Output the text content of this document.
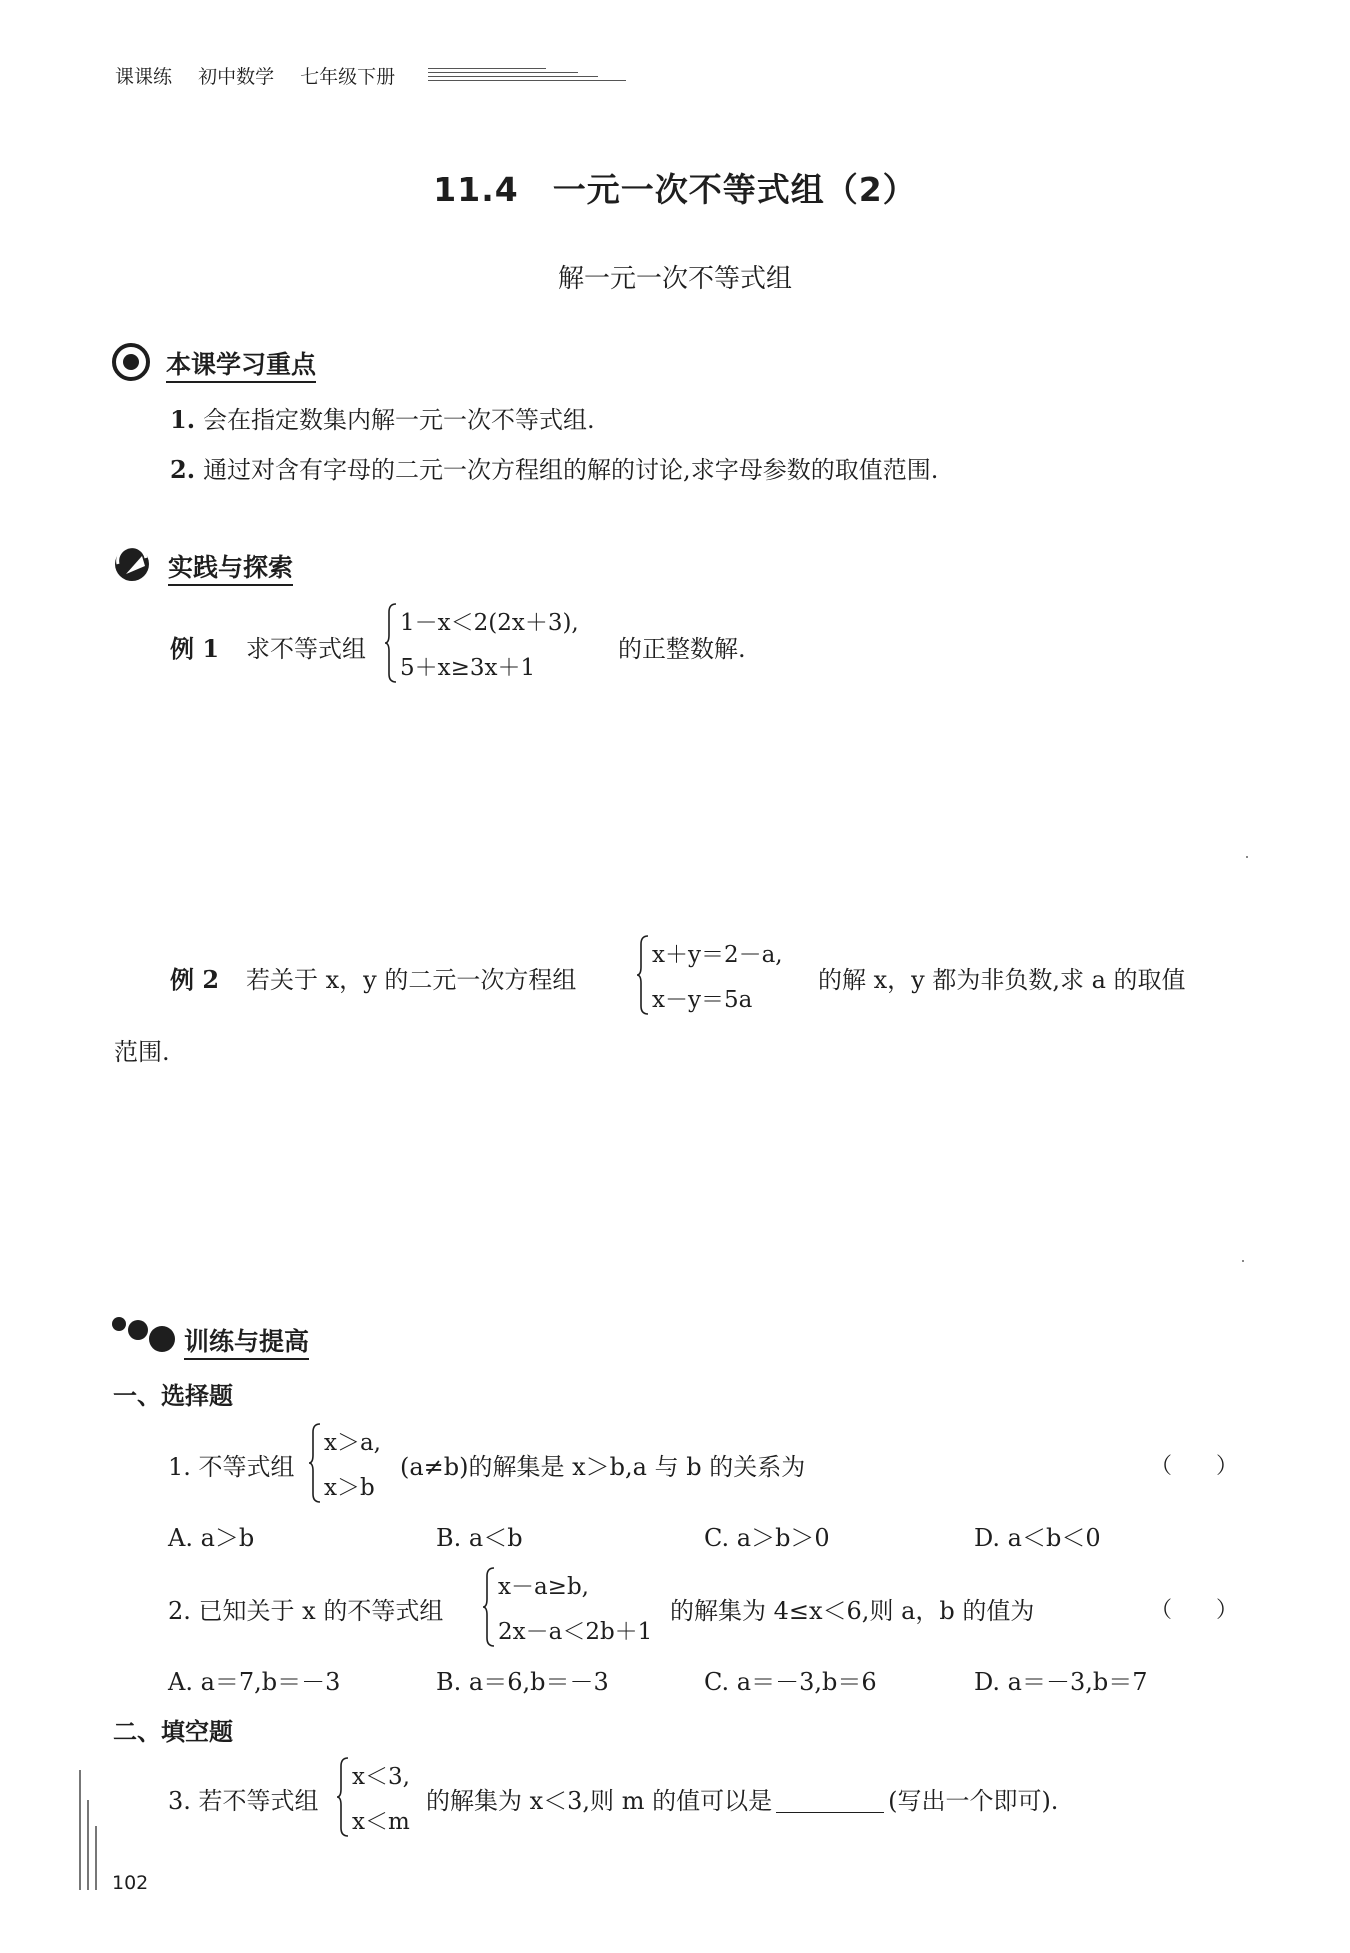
课课练 初中数学 七年级下册
11.4　一元一次不等式组（2）
解一元一次不等式组
本课学习重点
1. 会在指定数集内解一元一次不等式组.
2. 通过对含有字母的二元一次方程组的解的讨论,求字母参数的取值范围.
实践与探索
例 1	求不等式组
1－x＜2(2x＋3),
5＋x≥3x＋1
的正整数解.
例 2	若关于 x，y 的二元一次方程组
x＋y＝2－a,
x－y＝5a
的解 x，y 都为非负数,求 a 的取值
范围.
训练与提高
一、选择题
1. 不等式组
x＞a,
x＞b
(a≠b)的解集是 x＞b,a 与 b 的关系为	（　　）
A. a＞b	B. a＜b	C. a＞b＞0	D. a＜b＜0
2. 已知关于 x 的不等式组
x－a≥b,
2x－a＜2b＋1
的解集为 4≤x＜6,则 a，b 的值为	（　　）
A. a＝7,b＝－3	B. a＝6,b＝－3	C. a＝－3,b＝6	D. a＝－3,b＝7
二、填空题
3. 若不等式组
x＜3,
x＜m
的解集为 x＜3,则 m 的值可以是	(写出一个即可).
102
